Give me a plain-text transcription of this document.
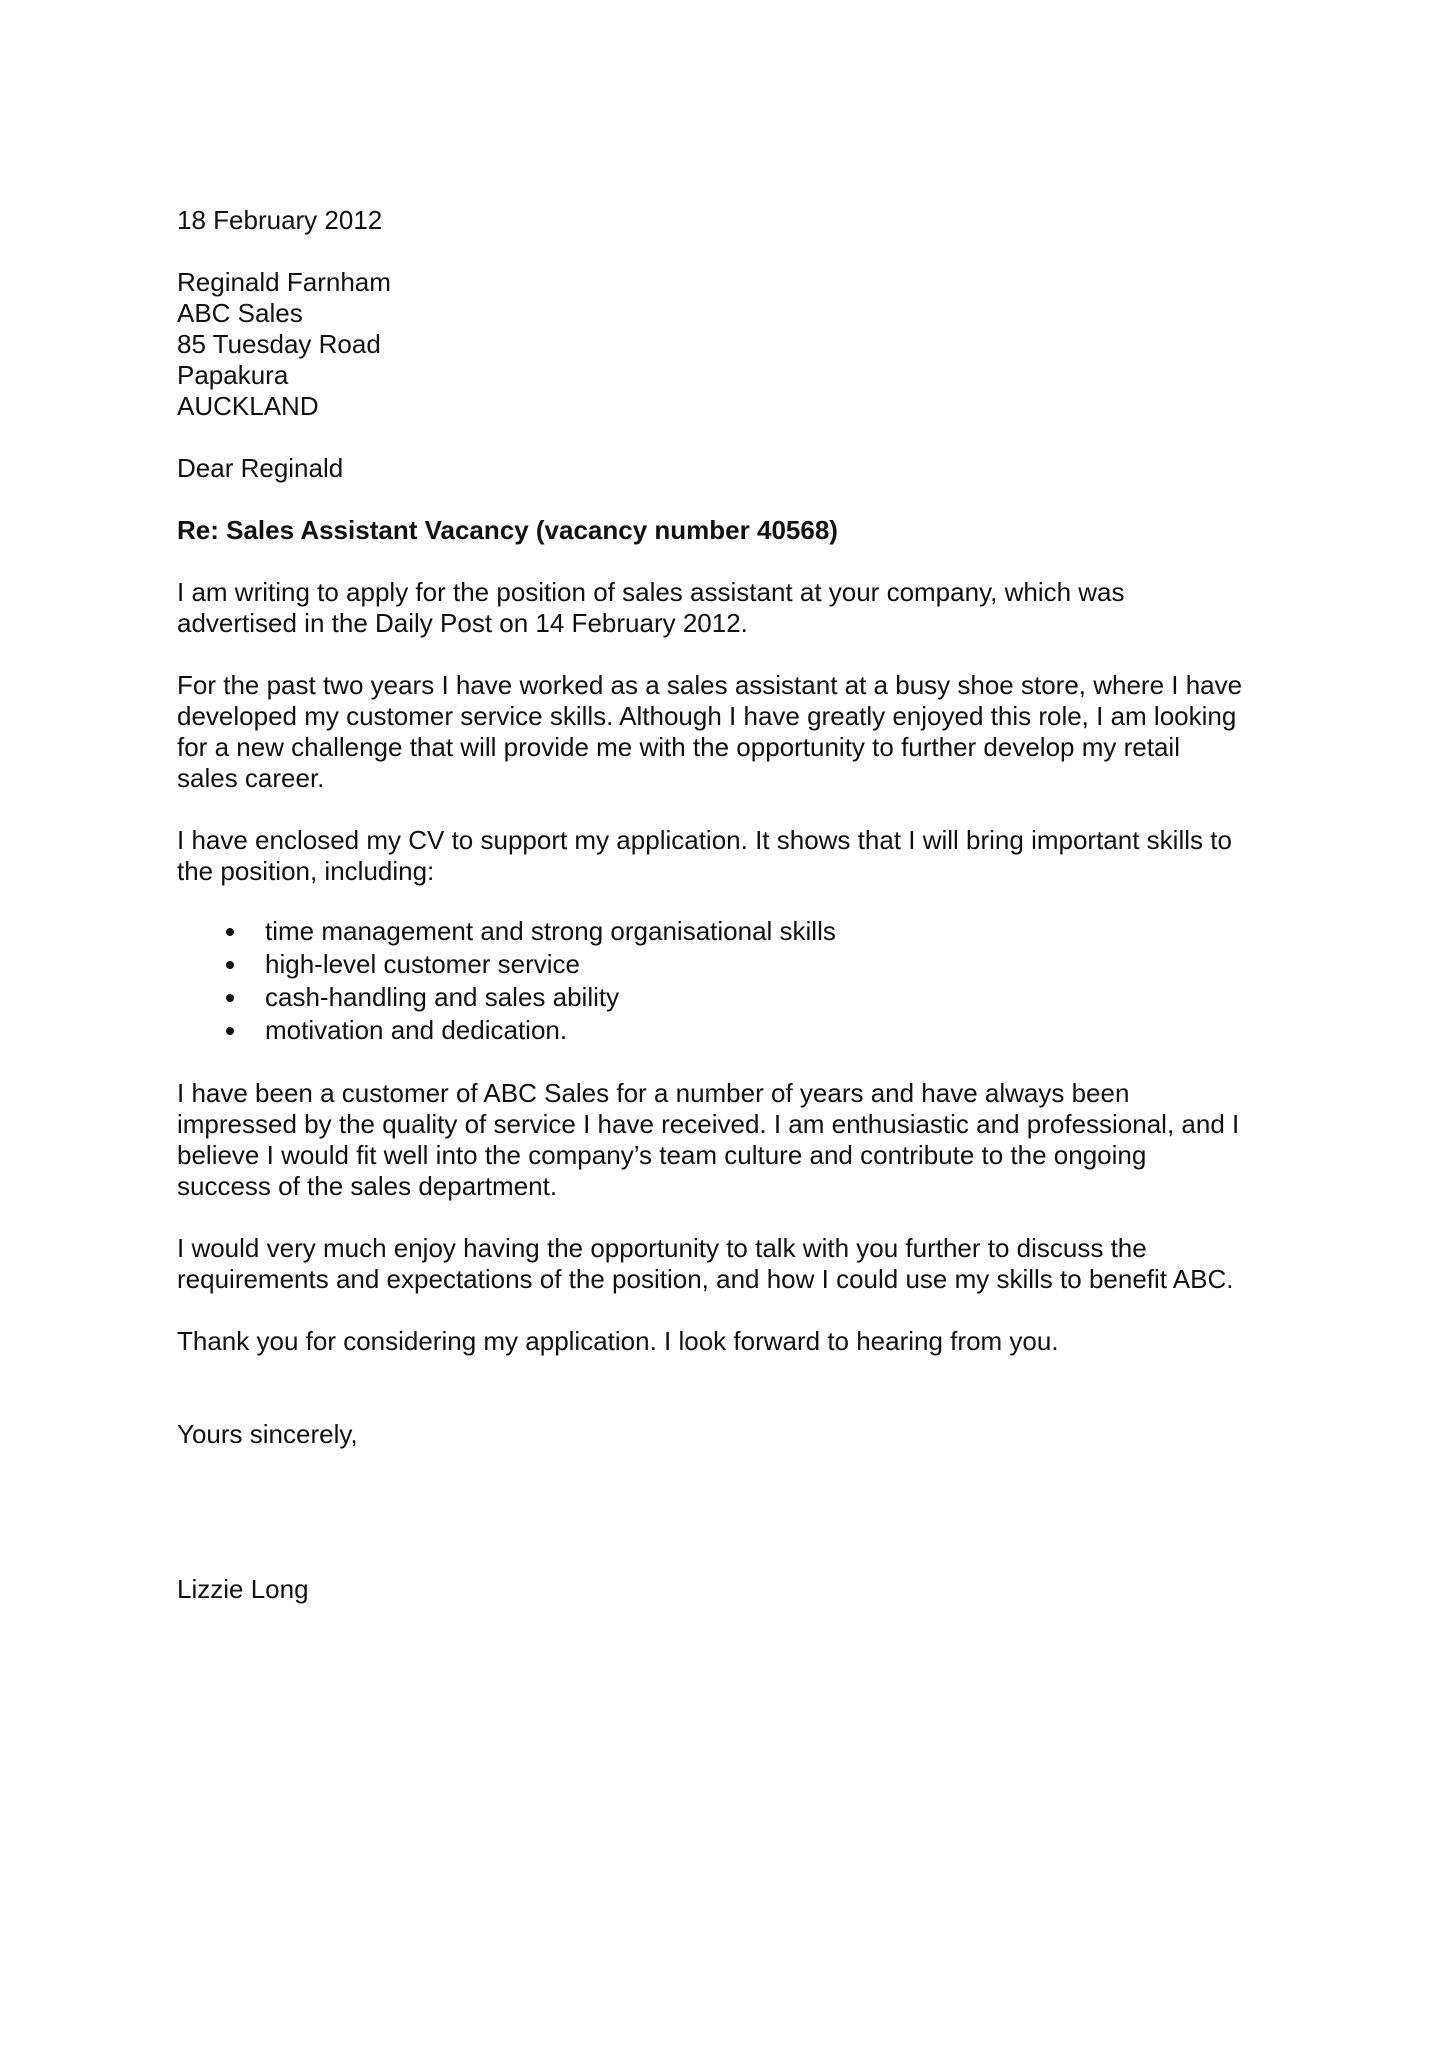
18 February 2012
Reginald Farnham
ABC Sales
85 Tuesday Road
Papakura
AUCKLAND
Dear Reginald
Re: Sales Assistant Vacancy (vacancy number 40568)
I am writing to apply for the position of sales assistant at your company, which was
advertised in the Daily Post on 14 February 2012.
For the past two years I have worked as a sales assistant at a busy shoe store, where I have
developed my customer service skills. Although I have greatly enjoyed this role, I am looking
for a new challenge that will provide me with the opportunity to further develop my retail
sales career.
I have enclosed my CV to support my application. It shows that I will bring important skills to
the position, including:
time management and strong organisational skills
high-level customer service
cash-handling and sales ability
motivation and dedication.
I have been a customer of ABC Sales for a number of years and have always been
impressed by the quality of service I have received. I am enthusiastic and professional, and I
believe I would fit well into the company’s team culture and contribute to the ongoing
success of the sales department.
I would very much enjoy having the opportunity to talk with you further to discuss the
requirements and expectations of the position, and how I could use my skills to benefit ABC.
Thank you for considering my application. I look forward to hearing from you.
Yours sincerely,
Lizzie Long
